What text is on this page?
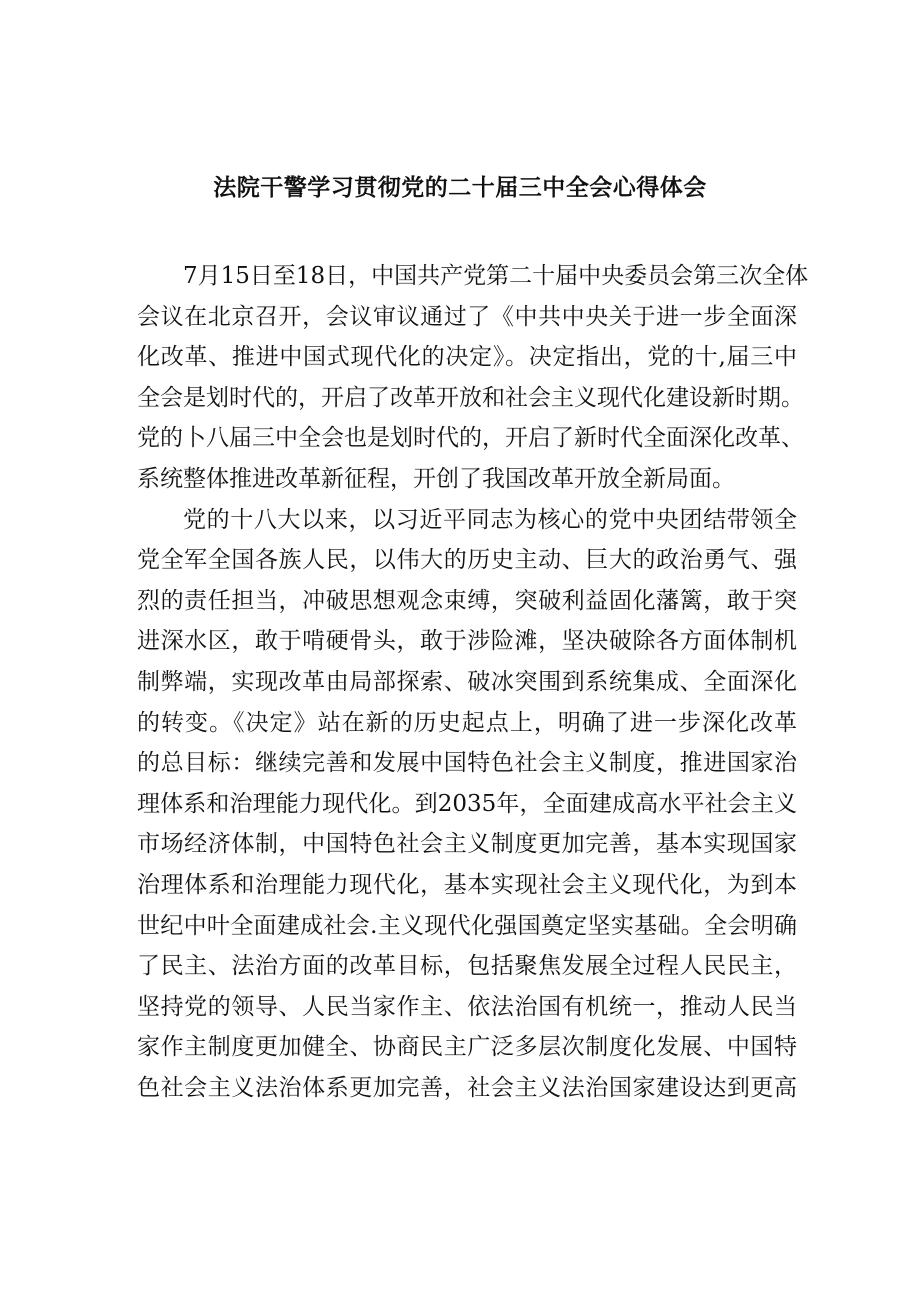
法院干警学习贯彻党的二十届三中全会心得体会

7月15日至18日，中国共产党第二十届中央委员会第三次全体

会议在北京召开，会议审议通过了《中共中央关于进一步全面深

化改革、推进中国式现代化的决定》。决定指出，党的十,届三中

全会是划时代的，开启了改革开放和社会主义现代化建设新时期。

党的卜八届三中全会也是划时代的，开启了新时代全面深化改革、

系统整体推进改革新征程，开创了我国改革开放全新局面。

党的十八大以来，以习近平同志为核心的党中央团结带领全

党全军全国各族人民，以伟大的历史主动、巨大的政治勇气、强

烈的责任担当，冲破思想观念束缚，突破利益固化藩篱，敢于突

进深水区，敢于啃硬骨头，敢于涉险滩，坚决破除各方面体制机

制弊端，实现改革由局部探索、破冰突围到系统集成、全面深化

的转变。《决定》站在新的历史起点上，明确了进一步深化改革

的总目标：继续完善和发展中国特色社会主义制度，推进国家治

理体系和治理能力现代化。到2035年，全面建成高水平社会主义

市场经济体制，中国特色社会主义制度更加完善，基本实现国家

治理体系和治理能力现代化，基本实现社会主义现代化，为到本

世纪中叶全面建成社会.主义现代化强国奠定坚实基础。全会明确

了民主、法治方面的改革目标，包括聚焦发展全过程人民民主，

坚持党的领导、人民当家作主、依法治国有机统一，推动人民当

家作主制度更加健全、协商民主广泛多层次制度化发展、中国特

色社会主义法治体系更加完善，社会主义法治国家建设达到更高
